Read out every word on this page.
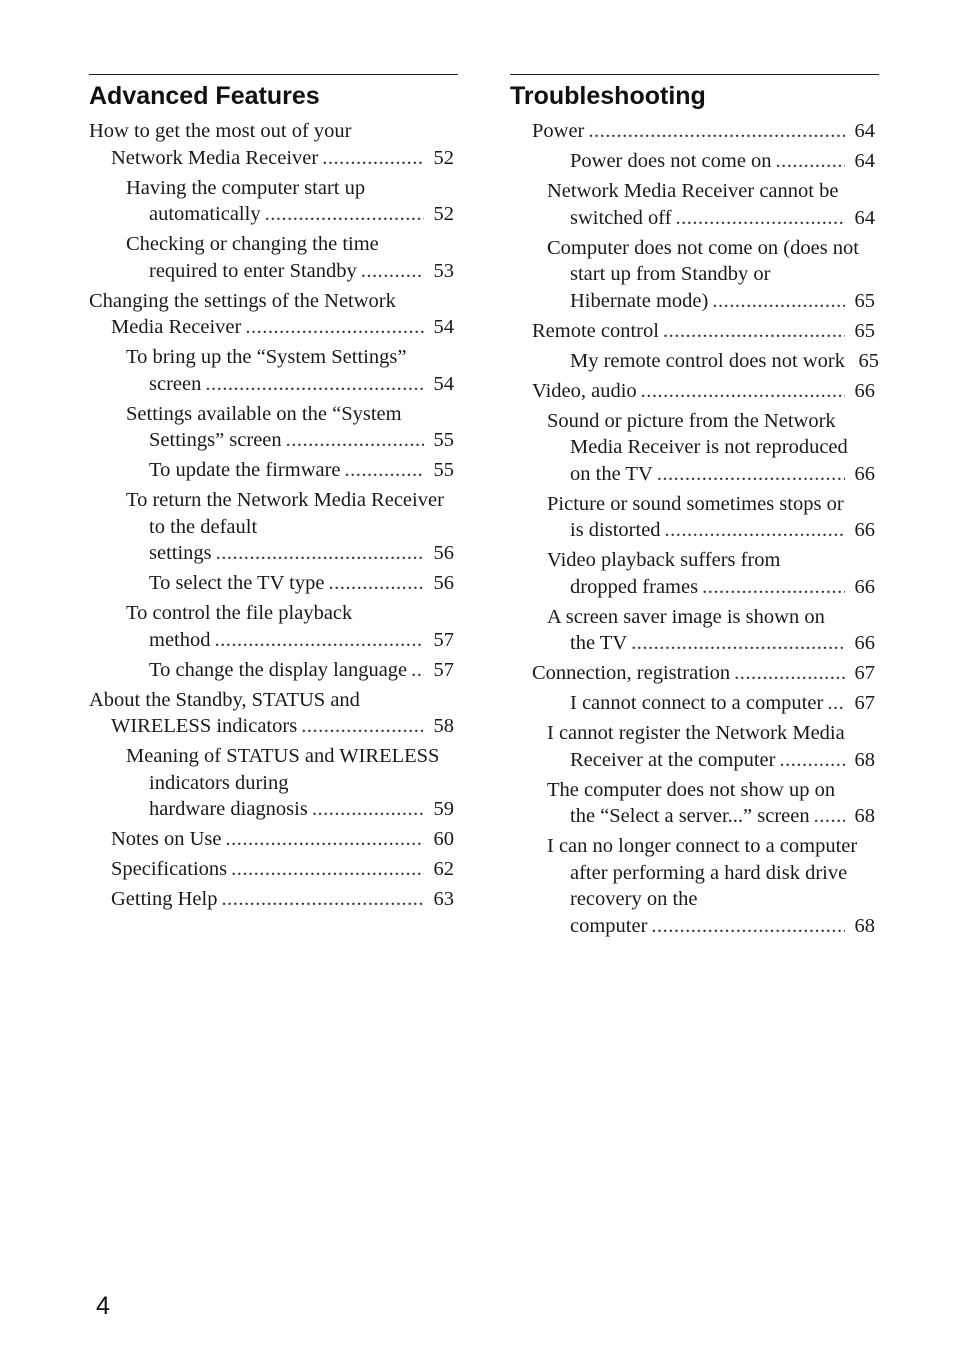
Advanced Features
How to get the most out of your
Network Media Receiver .....	52
Having the computer start up
automatically .....	52
Checking or changing the time
required to enter Standby .....	53
Changing the settings of the Network
Media Receiver .....	54
To bring up the “System Settings”
screen .....	54
Settings available on the “System
Settings” screen .....	55
To update the firmware .....	55
To return the Network Media Receiver to the default
settings .....	56
To select the TV type .....	56
To control the file playback
method .....	57
To change the display language ..... 57
About the Standby, STATUS and
WIRELESS indicators .....	58
Meaning of STATUS and WIRELESS indicators during
hardware diagnosis .....	59
Notes on Use .....	60
Specifications .....	62
Getting Help .....	63
Troubleshooting
Power .....	64
Power does not come on .....	64
Network Media Receiver cannot be
switched off .....	64
Computer does not come on (does not start up from Standby or
Hibernate mode) .....	65
Remote control .....	65
My remote control does not work 65
Video, audio .....	66
Sound or picture from the Network Media Receiver is not reproduced
on the TV .....	66
Picture or sound sometimes stops or
is distorted .....	66
Video playback suffers from
dropped frames .....	66
A screen saver image is shown on
the TV .....	66
Connection, registration .....	67
I cannot connect to a computer ..... 67
I cannot register the Network Media
Receiver at the computer .....	68
The computer does not show up on
the “Select a server...” screen ..... 68
I can no longer connect to a computer after performing a hard disk drive recovery on the
computer .....	68
4
